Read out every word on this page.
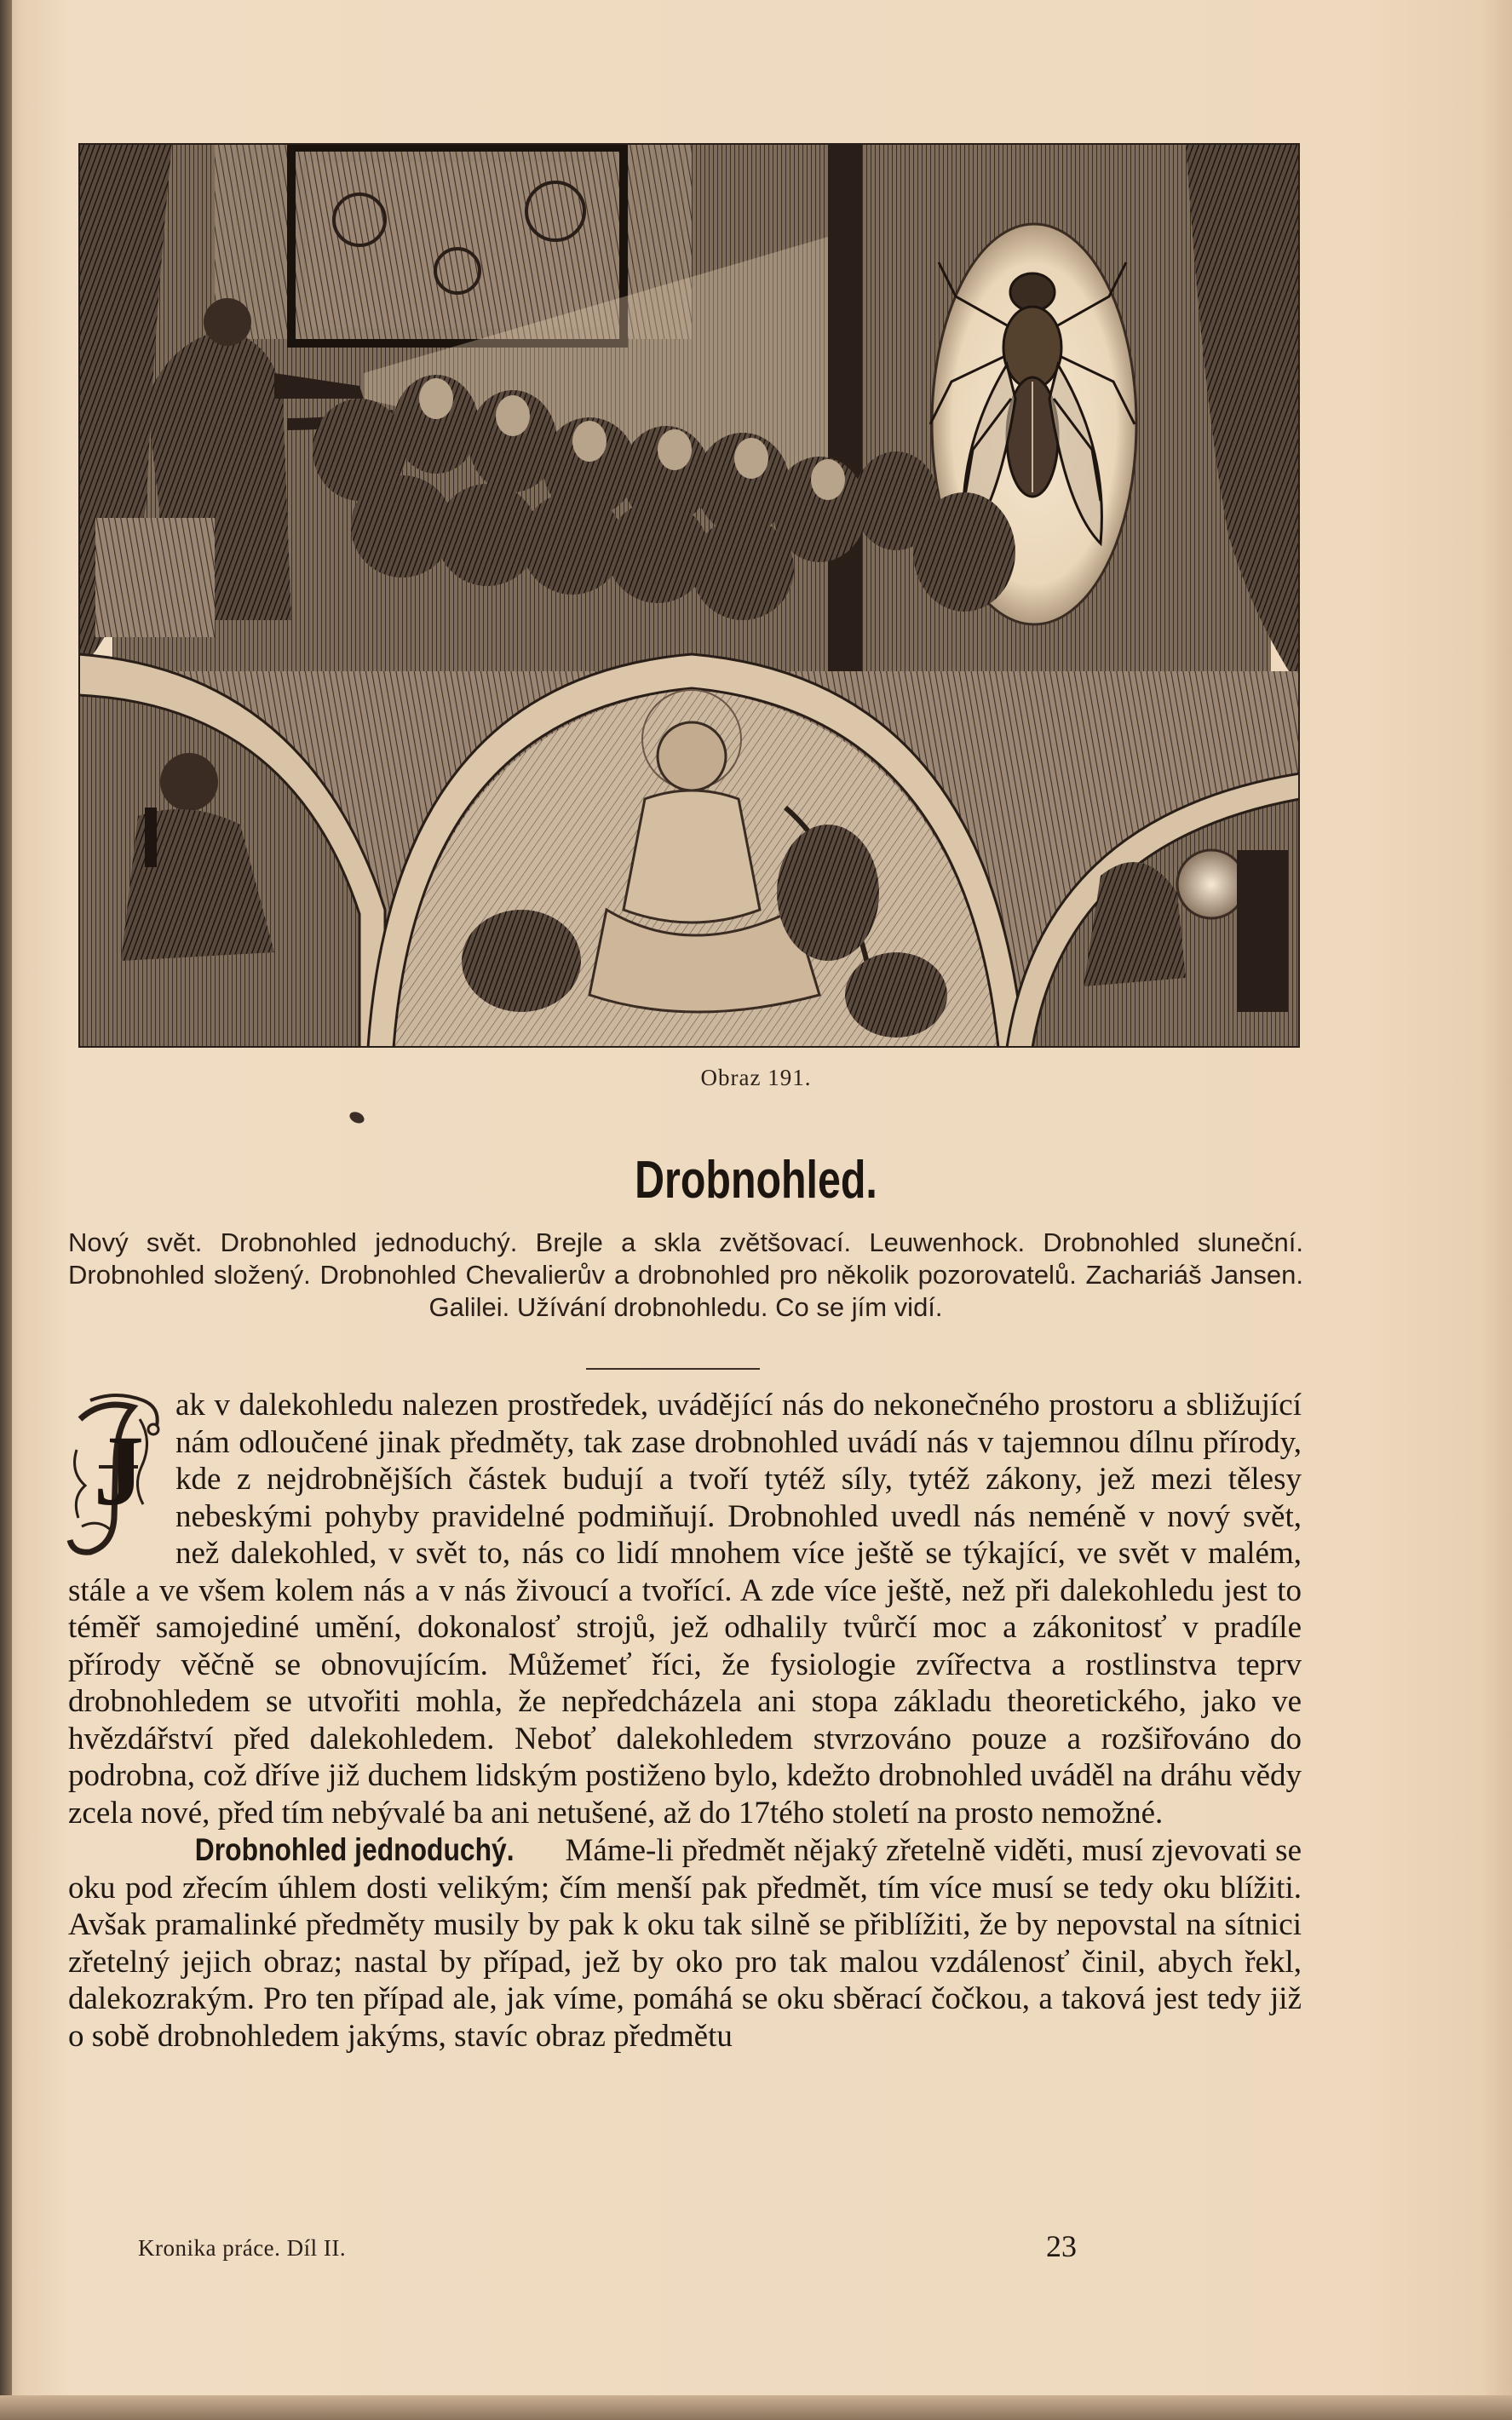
Obraz 191.
Drobnohled.
Nový svět. Drobnohled jednoduchý. Brejle a skla zvětšovací. Leuwenhock. Drobnohled sluneční. Drobnohled složený. Drobnohled Chevalierův a drobnohled pro několik pozorovatelů. Zachariáš Jansen. Galilei. Užívání drobnohledu. Co se jím vidí.
J

ak v dalekohledu nalezen prostředek, uvádějící nás do nekonečného prostoru a sbližující nám odloučené jinak předměty, tak zase drobnohled uvádí nás v tajemnou dílnu přírody, kde z nejdrobnějších částek budují a tvoří tytéž síly, tytéž zákony, jež mezi tělesy nebeskými pohyby pravidelné podmiňují. Drobnohled uvedl nás neméně v nový svět, než dalekohled, v svět to, nás co lidí mnohem více ještě se týkající, ve svět v malém, stále a ve všem kolem nás a v nás živoucí a tvořící. A zde více ještě, než při dalekohledu jest to téměř samojediné umění, dokonalosť strojů, jež odhalily tvůrčí moc a zákonitosť v pradíle přírody věčně se obnovujícím. Můžemeť říci, že fysiologie zvířectva a rostlinstva teprv drobnohledem se utvořiti mohla, že nepředcházela ani stopa základu theoretického, jako ve hvězdářství před dalekohledem. Neboť dalekohledem stvrzováno pouze a rozšiřováno do podrobna, což dříve již duchem lidským postiženo bylo, kdežto drobnohled uváděl na dráhu vědy zcela nové, před tím nebývalé ba ani netušené, až do 17tého století na prosto nemožné.

Drobnohled jednoduchý. Máme-li předmět nějaký zřetelně viděti, musí zjevovati se oku pod zřecím úhlem dosti velikým; čím menší pak předmět, tím více musí se tedy oku blížiti. Avšak pramalinké předměty musily by pak k oku tak silně se přiblížiti, že by nepovstal na sítnici zřetelný jejich obraz; nastal by případ, jež by oko pro tak malou vzdálenosť činil, abych řekl, dalekozrakým. Pro ten případ ale, jak víme, pomáhá se oku sběrací čočkou, a taková jest tedy již o sobě drobnohledem jakýms, stavíc obraz předmětu

Kronika práce. Díl II.	23
